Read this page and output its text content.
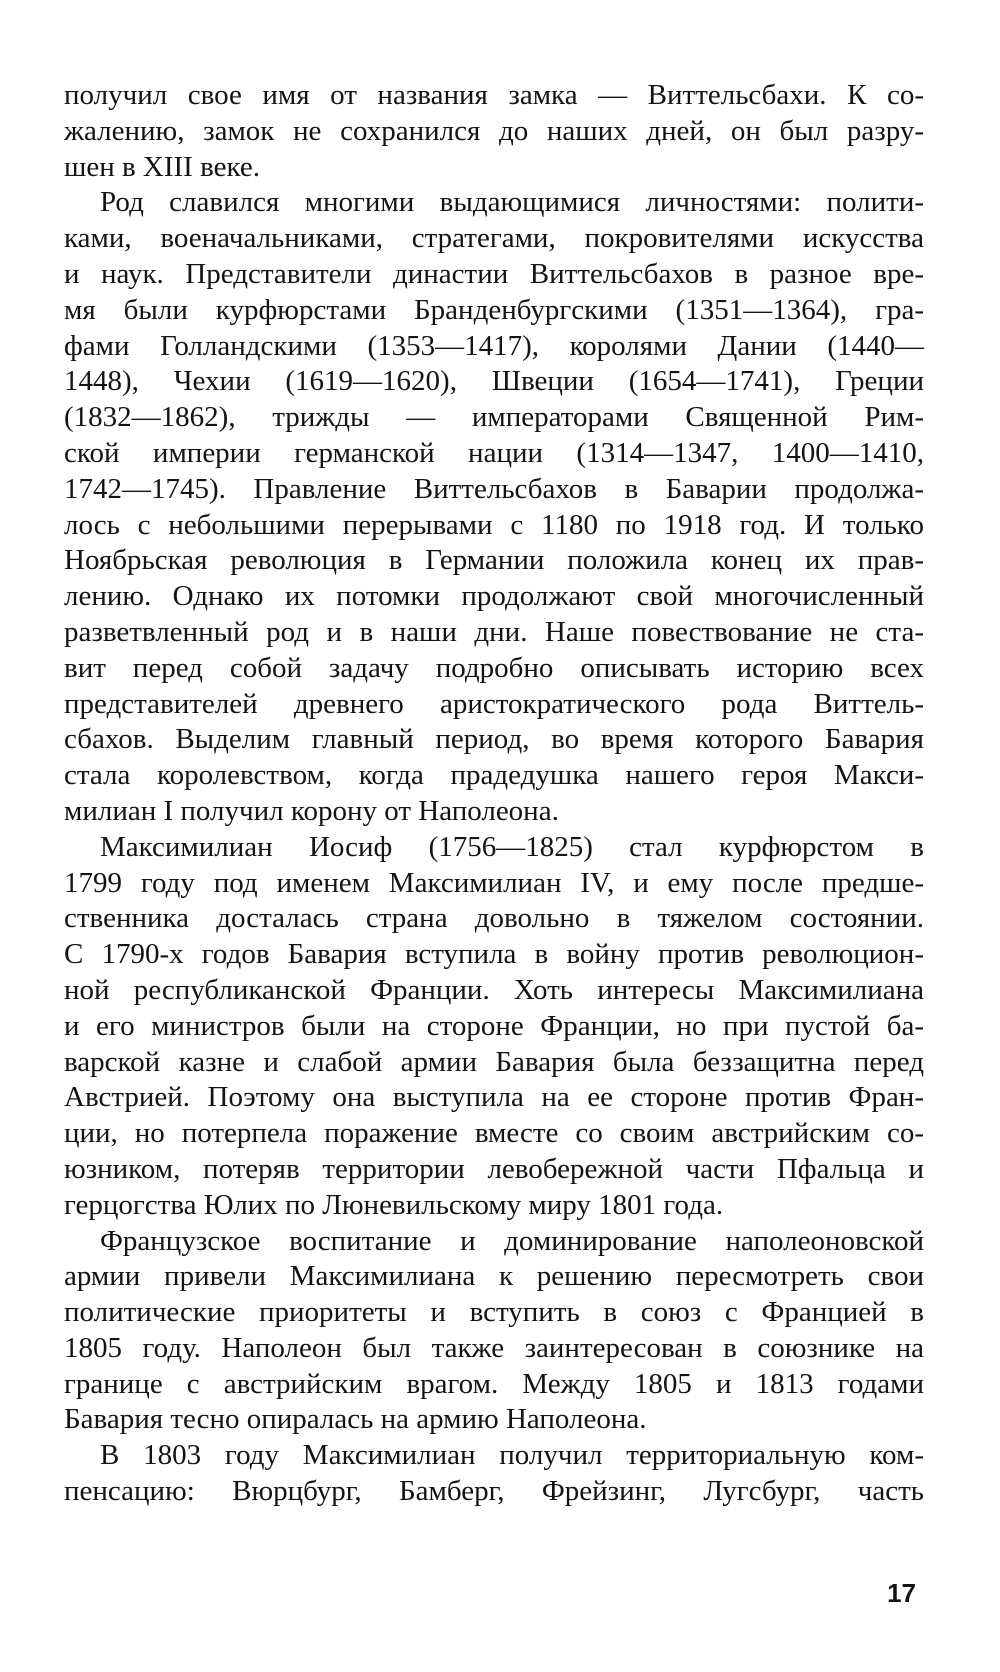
получил свое имя от названия замка — Виттельсбахи. К со-
жалению, замок не сохранился до наших дней, он был разру-
шен в XIII веке.
Род славился многими выдающимися личностями: полити-
ками, военачальниками, стратегами, покровителями искусства
и наук. Представители династии Виттельсбахов в разное вре-
мя были курфюрстами Бранденбургскими (1351—1364), гра-
фами Голландскими (1353—1417), королями Дании (1440—
1448), Чехии (1619—1620), Швеции (1654—1741), Греции
(1832—1862), трижды — императорами Священной Рим-
ской империи германской нации (1314—1347, 1400—1410,
1742—1745). Правление Виттельсбахов в Баварии продолжа-
лось с небольшими перерывами с 1180 по 1918 год. И только
Ноябрьская революция в Германии положила конец их прав-
лению. Однако их потомки продолжают свой многочисленный
разветвленный род и в наши дни. Наше повествование не ста-
вит перед собой задачу подробно описывать историю всех
представителей древнего аристократического рода Виттель-
сбахов. Выделим главный период, во время которого Бавария
стала королевством, когда прадедушка нашего героя Макси-
милиан I получил корону от Наполеона.
Максимилиан Иосиф (1756—1825) стал курфюрстом в
1799 году под именем Максимилиан IV, и ему после предше-
ственника досталась страна довольно в тяжелом состоянии.
С 1790-х годов Бавария вступила в войну против революцион-
ной республиканской Франции. Хоть интересы Максимилиана
и его министров были на стороне Франции, но при пустой ба-
варской казне и слабой армии Бавария была беззащитна перед
Австрией. Поэтому она выступила на ее стороне против Фран-
ции, но потерпела поражение вместе со своим австрийским со-
юзником, потеряв территории левобережной части Пфальца и
герцогства Юлих по Люневильскому миру 1801 года.
Французское воспитание и доминирование наполеоновской
армии привели Максимилиана к решению пересмотреть свои
политические приоритеты и вступить в союз с Францией в
1805 году. Наполеон был также заинтересован в союзнике на
границе с австрийским врагом. Между 1805 и 1813 годами
Бавария тесно опиралась на армию Наполеона.
В 1803 году Максимилиан получил территориальную ком-
пенсацию: Вюрцбург, Бамберг, Фрейзинг, Лугсбург, часть
17
